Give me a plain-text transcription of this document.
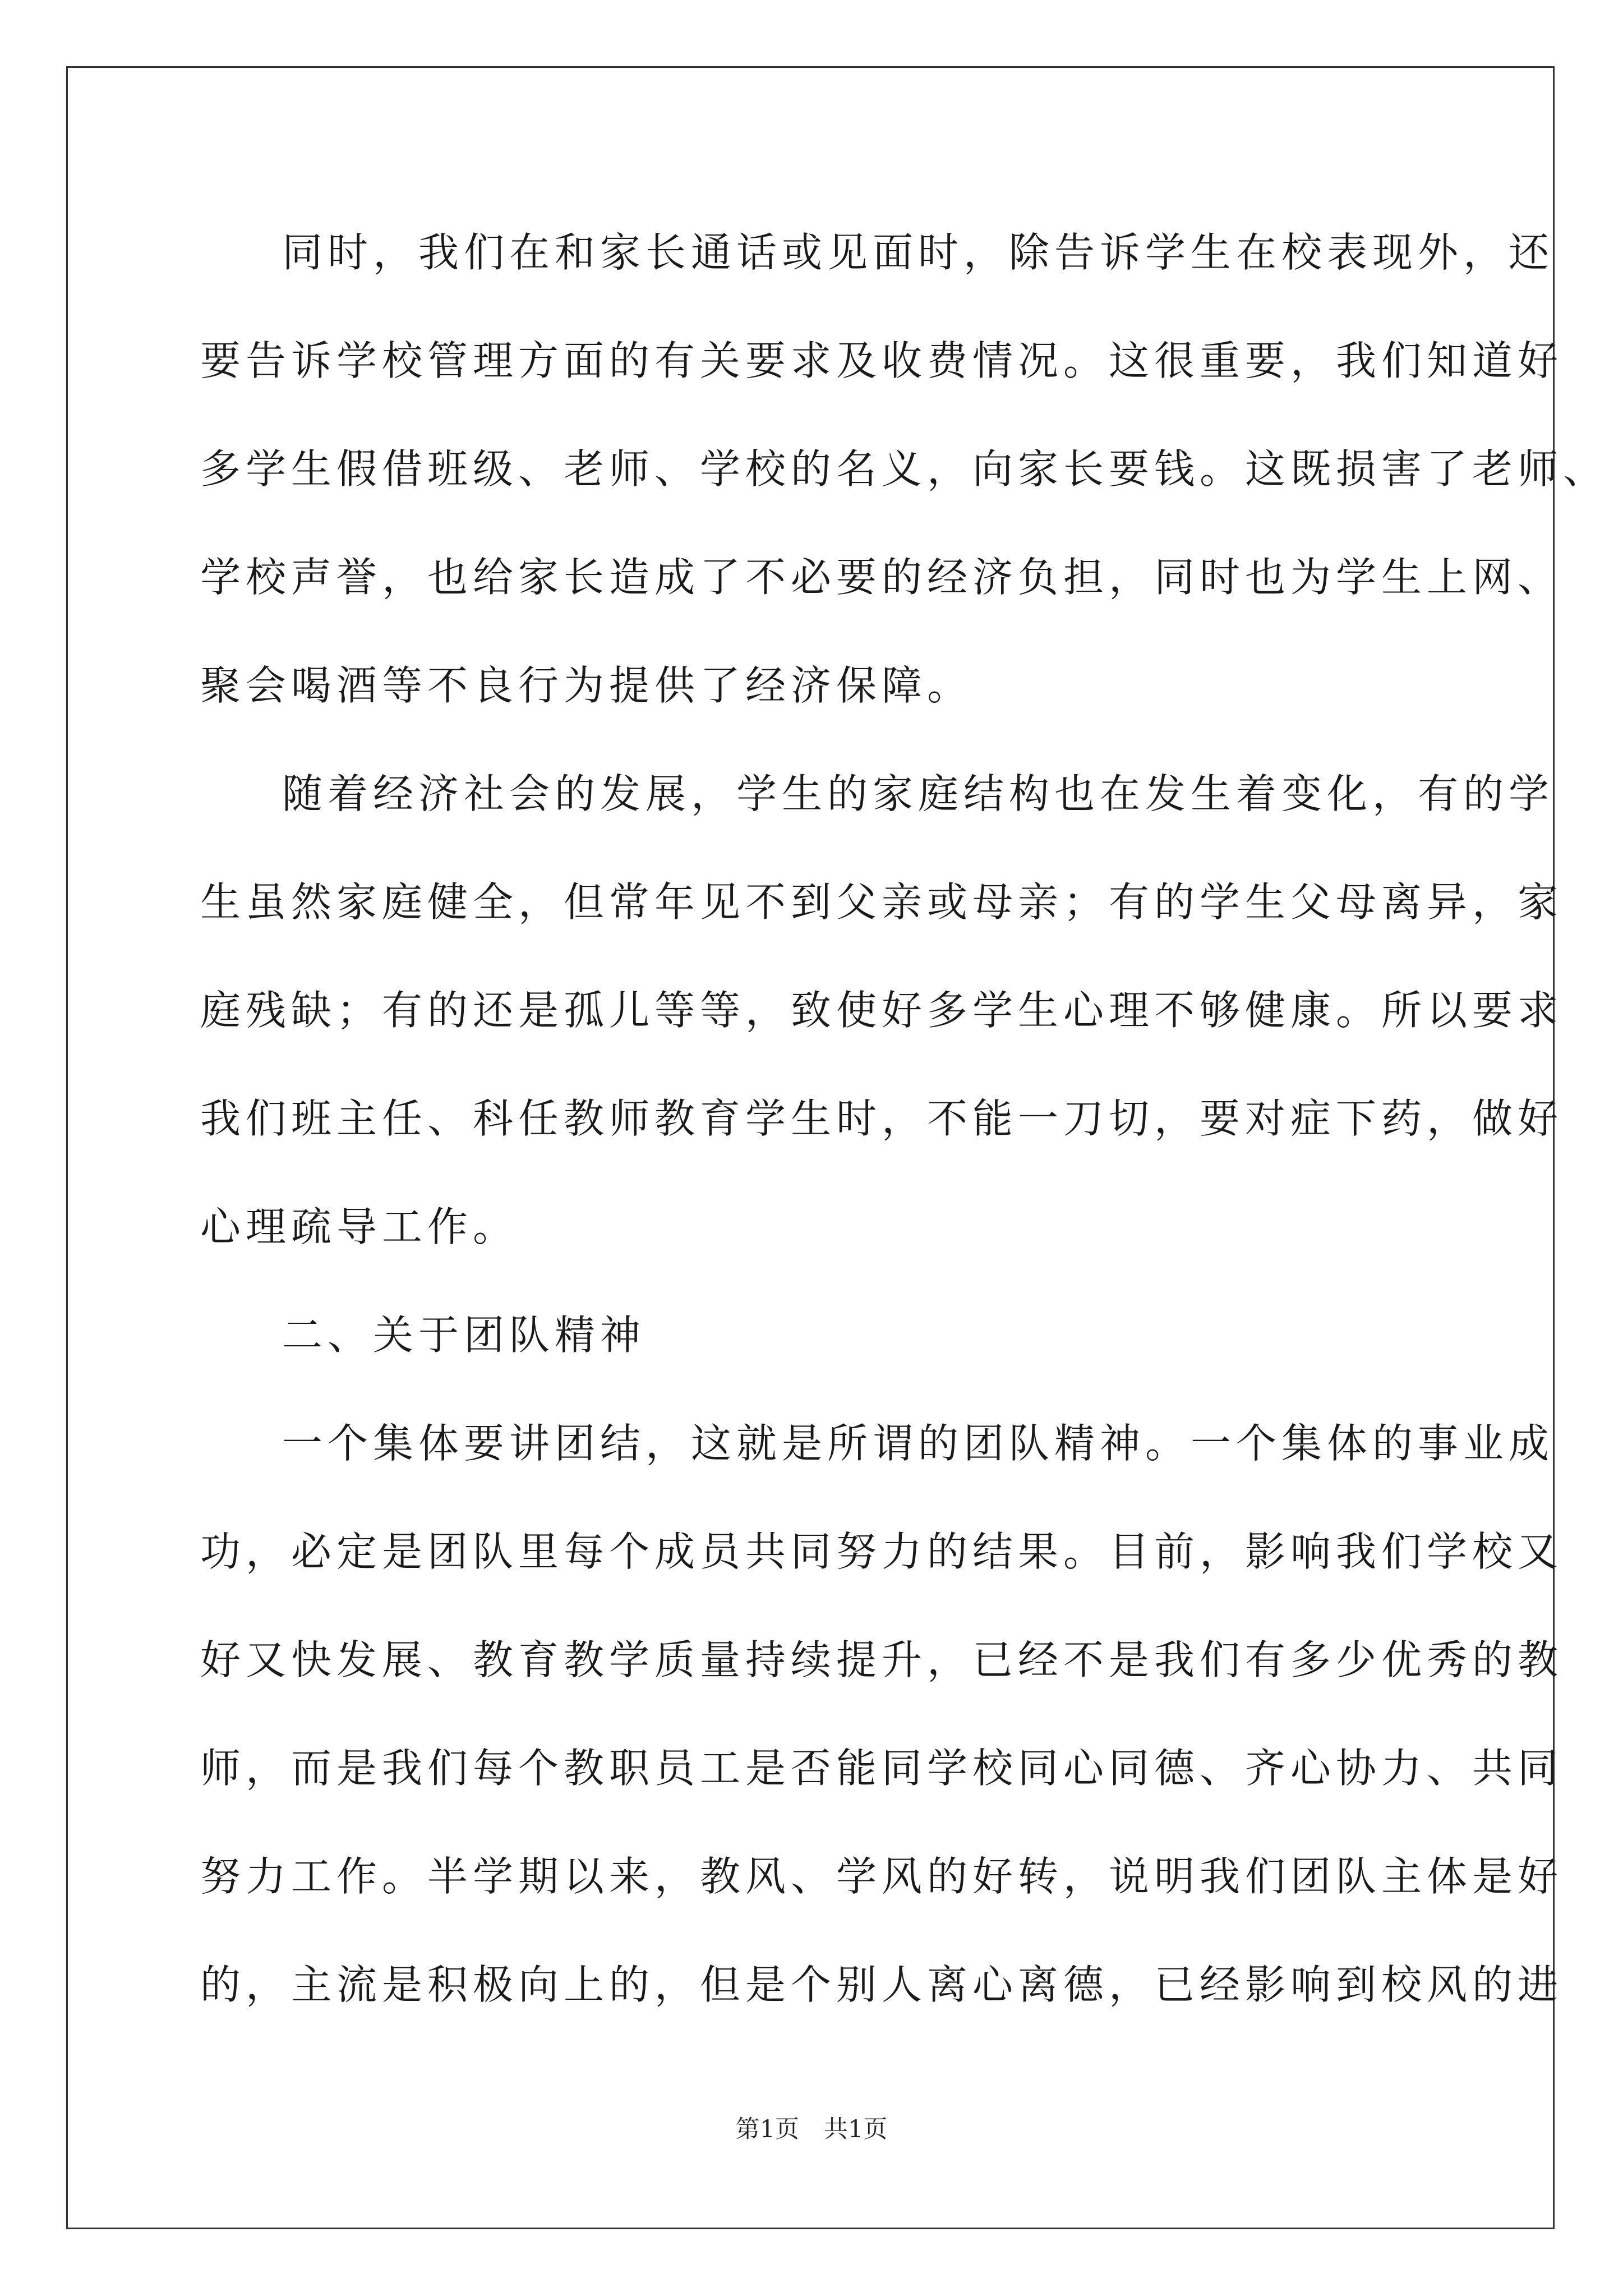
同时，我们在和家长通话或见面时，除告诉学生在校表现外，还
要告诉学校管理方面的有关要求及收费情况。这很重要，我们知道好
多学生假借班级、老师、学校的名义，向家长要钱。这既损害了老师、
学校声誉，也给家长造成了不必要的经济负担，同时也为学生上网、
聚会喝酒等不良行为提供了经济保障。
随着经济社会的发展，学生的家庭结构也在发生着变化，有的学
生虽然家庭健全，但常年见不到父亲或母亲；有的学生父母离异，家
庭残缺；有的还是孤儿等等，致使好多学生心理不够健康。所以要求
我们班主任、科任教师教育学生时，不能一刀切，要对症下药，做好
心理疏导工作。
二、关于团队精神
一个集体要讲团结，这就是所谓的团队精神。一个集体的事业成
功，必定是团队里每个成员共同努力的结果。目前，影响我们学校又
好又快发展、教育教学质量持续提升，已经不是我们有多少优秀的教
师，而是我们每个教职员工是否能同学校同心同德、齐心协力、共同
努力工作。半学期以来，教风、学风的好转，说明我们团队主体是好
的，主流是积极向上的，但是个别人离心离德，已经影响到校风的进
第1页 共1页
